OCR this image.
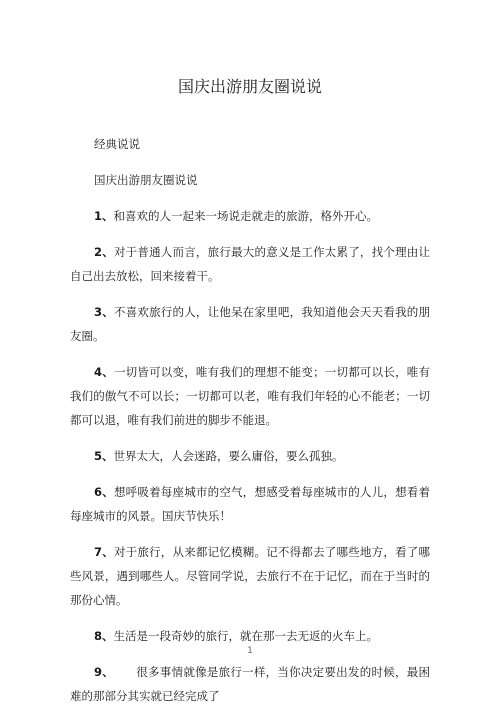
国庆出游朋友圈说说

经典说说

国庆出游朋友圈说说

1、和喜欢的人一起来一场说走就走的旅游，格外开心。

2、对于普通人而言，旅行最大的意义是工作太累了，找个理由让自己出去放松，回来接着干。

3、不喜欢旅行的人，让他呆在家里吧，我知道他会天天看我的朋友圈。

4、一切皆可以变，唯有我们的理想不能变；一切都可以长，唯有我们的傲气不可以长；一切都可以老，唯有我们年轻的心不能老；一切都可以退，唯有我们前进的脚步不能退。

5、世界太大，人会迷路，要么庸俗，要么孤独。

6、想呼吸着每座城市的空气，想感受着每座城市的人儿，想看着每座城市的风景。国庆节快乐！

7、对于旅行，从来都记忆模糊。记不得都去了哪些地方，看了哪些风景，遇到哪些人。尽管同学说，去旅行不在于记忆，而在于当时的那份心情。

8、生活是一段奇妙的旅行，就在那一去无返的火车上。

9、 很多事情就像是旅行一样，当你决定要出发的时候，最困难的那部分其实就已经完成了

1
